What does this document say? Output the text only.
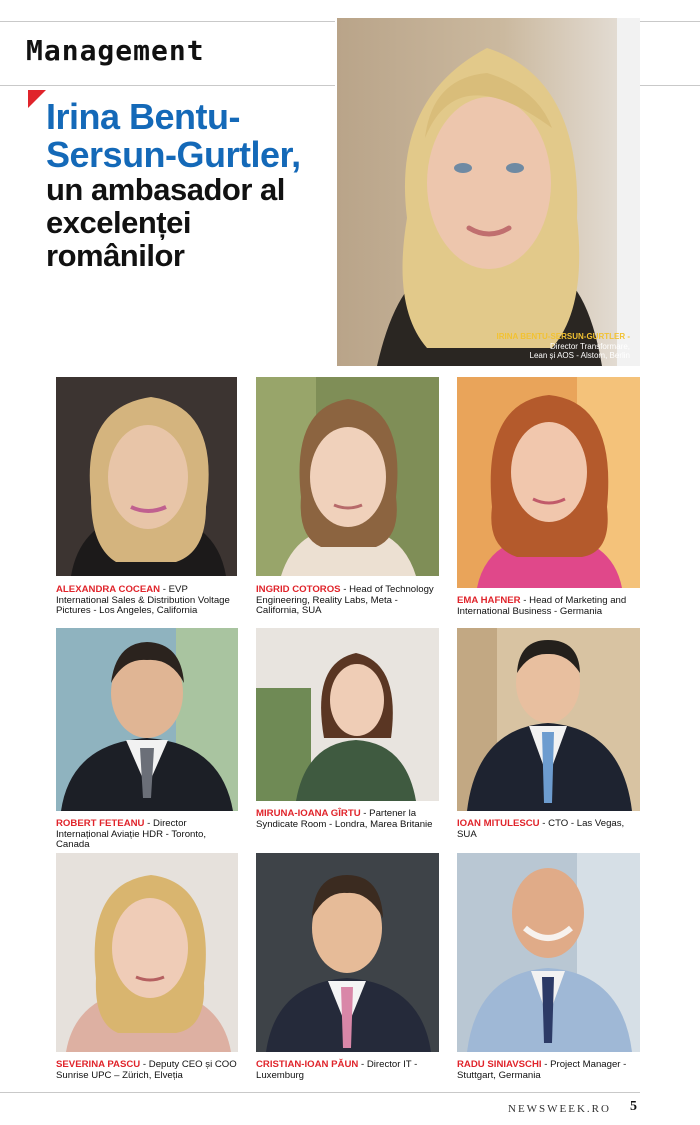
Management
Irina Bentu-Sersun-Gurtler,
un ambasador al excelenței românilor
IRINA BENTU-SERSUN-GURTLER -
Director Transformare,
Lean și AOS - Alstom, Berlin
ALEXANDRA COCEAN - EVP International Sales & Distribution Voltage Pictures - Los Angeles, California
INGRID COTOROS - Head of Technology Engineering, Reality Labs, Meta - California, SUA
EMA HAFNER - Head of Marketing and International Business - Germania
ROBERT FETEANU - Director Internațional Aviație HDR - Toronto, Canada
MIRUNA-IOANA GÎRTU - Partener la Syndicate Room - Londra, Marea Britanie	IOAN MITULESCU - CTO - Las Vegas, SUA
SEVERINA PASCU - Deputy CEO și COO Sunrise UPC – Zürich, Elveția
CRISTIAN-IOAN PĂUN - Director IT - Luxemburg
RADU SINIAVSCHI - Project Manager - Stuttgart, Germania
NEWSWEEK.RO 5
